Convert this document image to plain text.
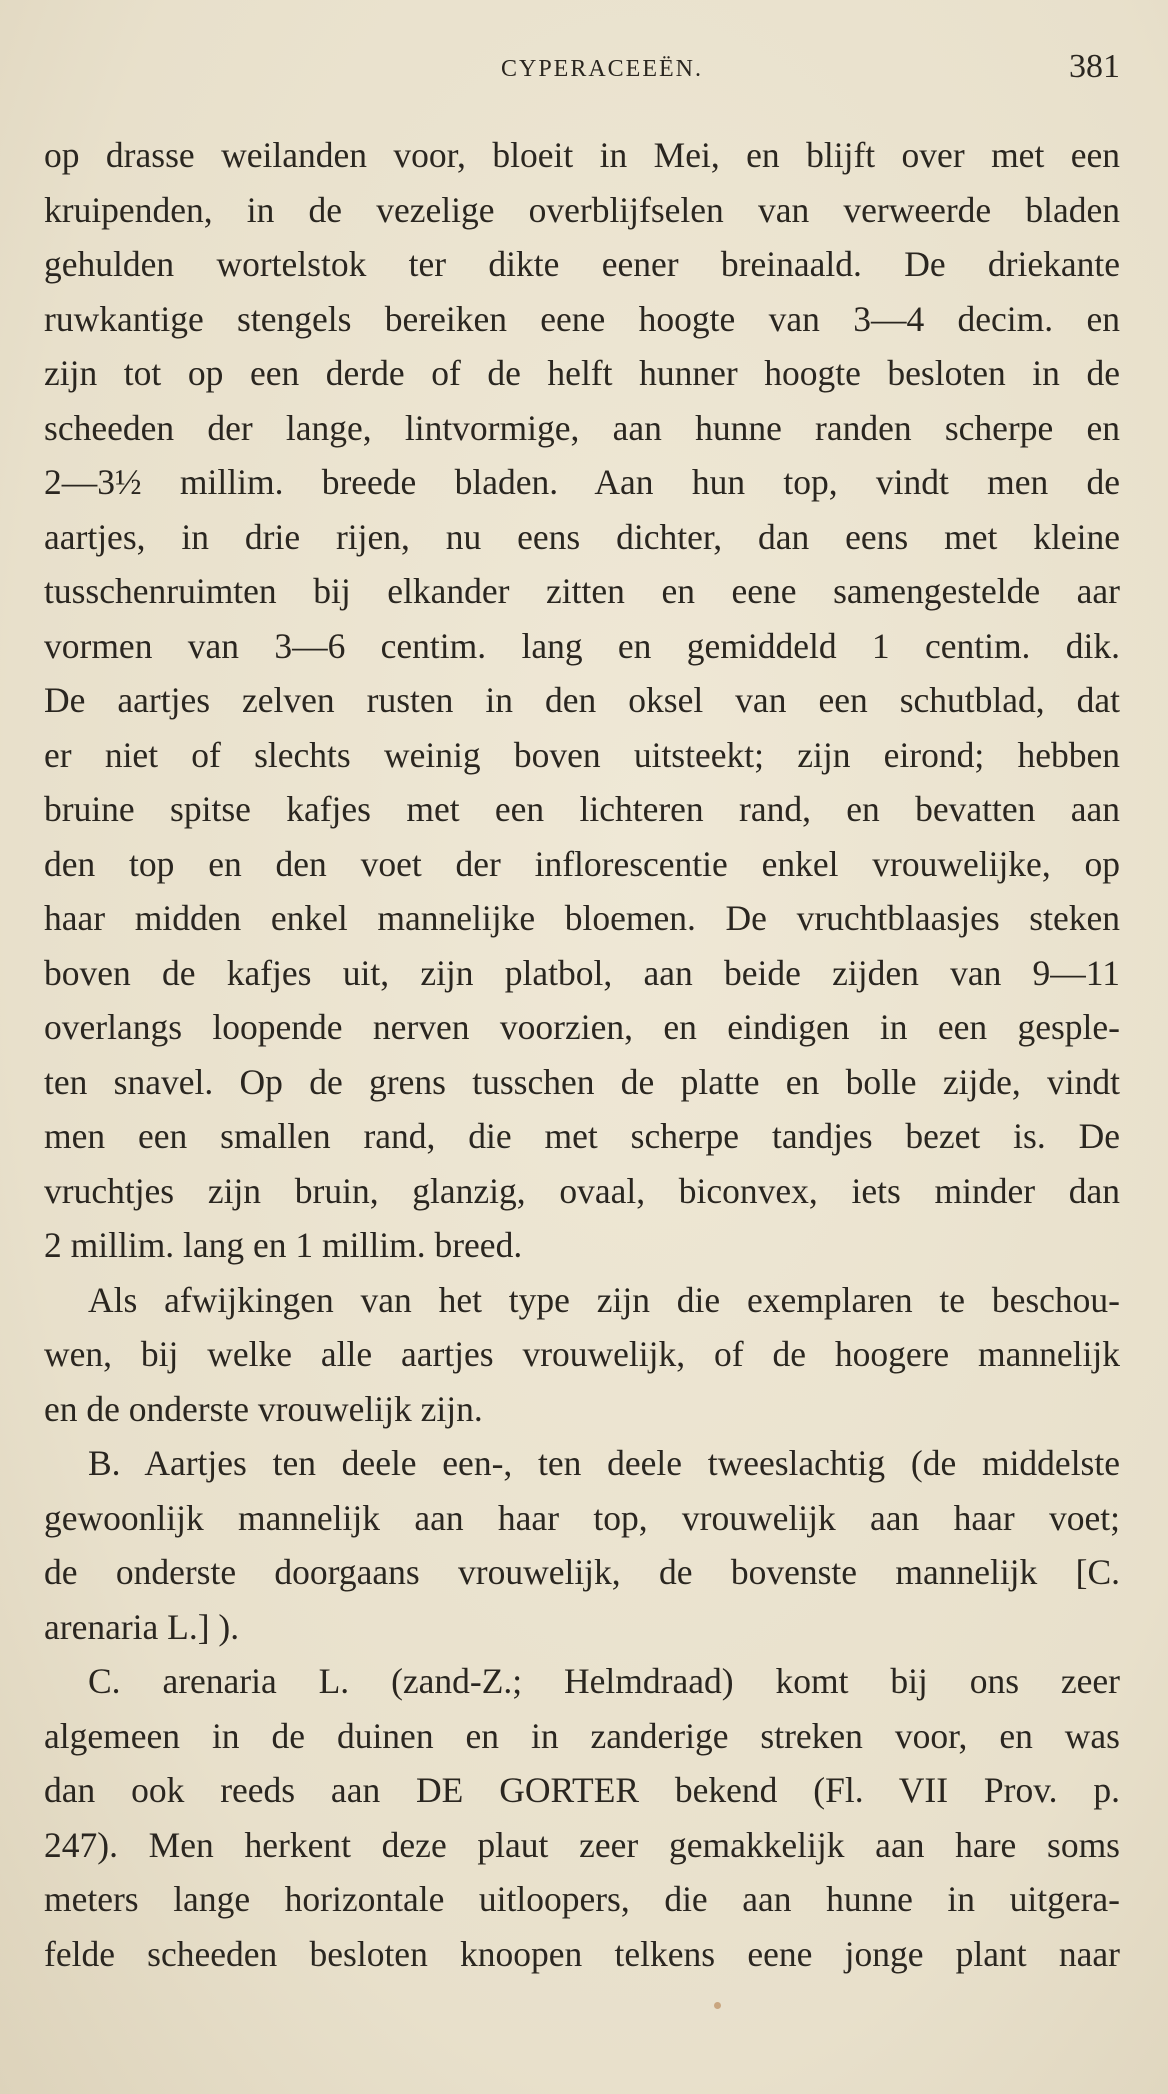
CYPERACEEËN.	381
op drasse weilanden voor, bloeit in Mei, en blijft over met een
kruipenden, in de vezelige overblijfselen van verweerde bladen
gehulden wortelstok ter dikte eener breinaald. De driekante
ruwkantige stengels bereiken eene hoogte van 3—4 decim. en
zijn tot op een derde of de helft hunner hoogte besloten in de
scheeden der lange, lintvormige, aan hunne randen scherpe en
2—3½ millim. breede bladen. Aan hun top, vindt men de
aartjes, in drie rijen, nu eens dichter, dan eens met kleine
tusschenruimten bij elkander zitten en eene samengestelde aar
vormen van 3—6 centim. lang en gemiddeld 1 centim. dik.
De aartjes zelven rusten in den oksel van een schutblad, dat
er niet of slechts weinig boven uitsteekt; zijn eirond; hebben
bruine spitse kafjes met een lichteren rand, en bevatten aan
den top en den voet der inflorescentie enkel vrouwelijke, op
haar midden enkel mannelijke bloemen. De vruchtblaasjes steken
boven de kafjes uit, zijn platbol, aan beide zijden van 9—11
overlangs loopende nerven voorzien, en eindigen in een gesple-
ten snavel. Op de grens tusschen de platte en bolle zijde, vindt
men een smallen rand, die met scherpe tandjes bezet is. De
vruchtjes zijn bruin, glanzig, ovaal, biconvex, iets minder dan
2 millim. lang en 1 millim. breed.
Als afwijkingen van het type zijn die exemplaren te beschou-
wen, bij welke alle aartjes vrouwelijk, of de hoogere mannelijk
en de onderste vrouwelijk zijn.
B. Aartjes ten deele een-, ten deele tweeslachtig (de middelste
gewoonlijk mannelijk aan haar top, vrouwelijk aan haar voet;
de onderste doorgaans vrouwelijk, de bovenste mannelijk [C.
arenaria L.] ).
C. arenaria L. (zand-Z.; Helmdraad) komt bij ons zeer
algemeen in de duinen en in zanderige streken voor, en was
dan ook reeds aan DE GORTER bekend (Fl. VII Prov. p.
247). Men herkent deze plaut zeer gemakkelijk aan hare soms
meters lange horizontale uitloopers, die aan hunne in uitgera-
felde scheeden besloten knoopen telkens eene jonge plant naar
